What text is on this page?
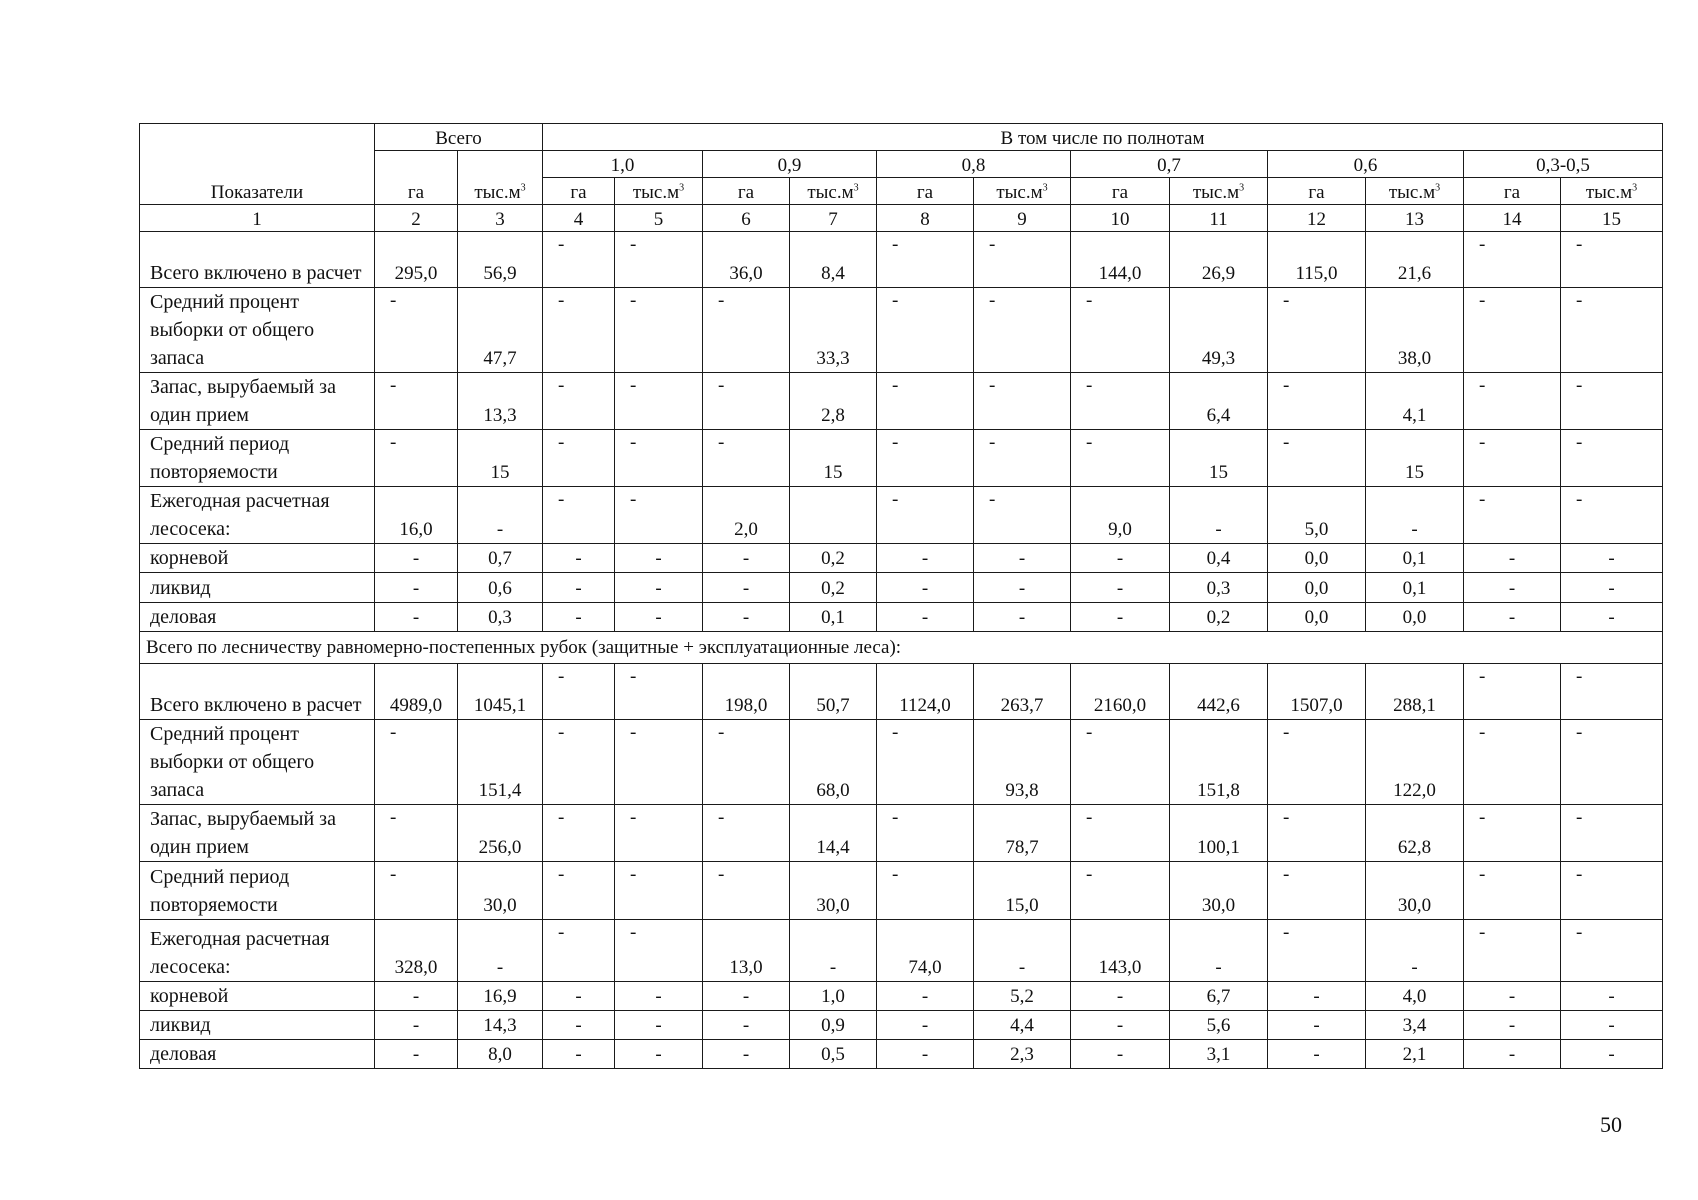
Показатели	Всего		В том числе по полнотам											
	га	$тыс.м^3$	1,0		0,9		0,8		0,7		0,6		0,3-0,5	
			га	$тыс.м^3$	га	$тыс.м^3$	га	$тыс.м^3$	га	$тыс.м^3$	га	$тыс.м^3$	га	$тыс.м^3$
1	2	3	4	5	6	7	8	9	10	11	12	13	14	15
Всего включено в расчет	295,0	56,9	-	-	36,0	8,4	-	-	144,0	26,9	115,0	21,6	-	-

Средний процент выборки от общего запаса	-	47,7	-	-	-	33,3	-	-	-	49,3	-	38,0	-	-

Запас, вырубаемый за один прием	-	13,3	-	-	-	2,8	-	-	-	6,4	-	4,1	-	-

Средний период повторяемости	-	15	-	-	-	15	-	-	-	15	-	15	-	-

Ежегодная расчетная лесосека:	16,0	-	-	-	2,0		-	-	9,0	-	5,0	-	-	-

корневой	-	0,7	-	-	-	0,2	-	-	-	0,4	0,0	0,1	-	-

ликвид	-	0,6	-	-	-	0,2	-	-	-	0,3	0,0	0,1	-	-

деловая	-	0,3	-	-	-	0,1	-	-	-	0,2	0,0	0,0	-	-

Всего по лесничеству равномерно-постепенных рубок (защитные + эксплуатационные леса):														
Всего включено в расчет	4989,0	1045,1	-	-	198,0	50,7	1124,0	263,7	2160,0	442,6	1507,0	288,1	-	-

Средний процент выборки от общего запаса	-	151,4	-	-	-	68,0	-	93,8	-	151,8	-	122,0	-	-

Запас, вырубаемый за один прием	-	256,0	-	-	-	14,4	-	78,7	-	100,1	-	62,8	-	-

Средний период повторяемости	-	30,0	-	-	-	30,0	-	15,0	-	30,0	-	30,0	-	-

Ежегодная расчетная лесосека:	328,0	-	-	-	13,0	-	74,0	-	143,0	-	-	-	-	-

корневой	-	16,9	-	-	-	1,0	-	5,2	-	6,7	-	4,0	-	-

ликвид	-	14,3	-	-	-	0,9	-	4,4	-	5,6	-	3,4	-	-

деловая	-	8,0	-	-	-	0,5	-	2,3	-	3,1	-	2,1	-	-
50
